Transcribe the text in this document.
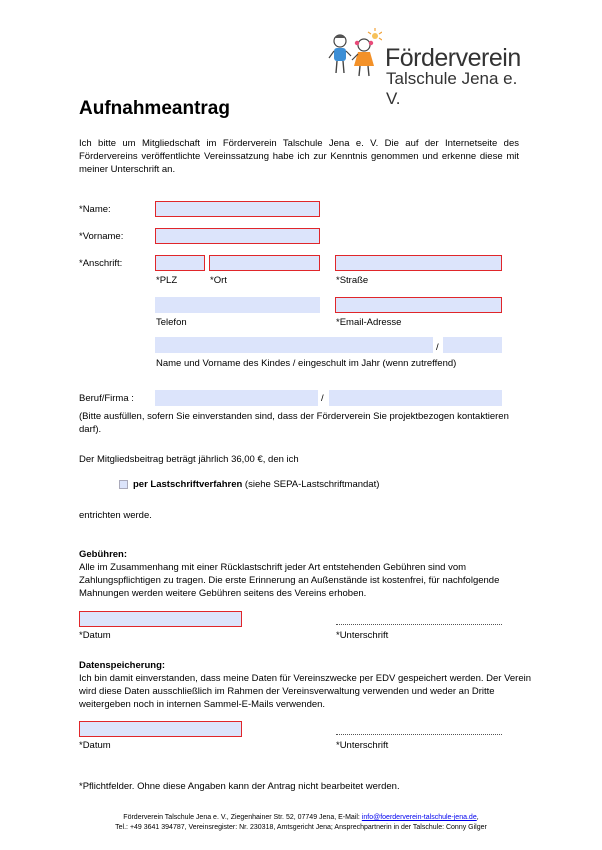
Förderverein
Talschule Jena e. V.
Aufnahmeantrag
Ich bitte um Mitgliedschaft im Förderverein Talschule Jena e. V. Die auf der Internetseite des Fördervereins veröffentlichte Vereinssatzung habe ich zur Kenntnis genommen und erkenne diese mit meiner Unterschrift an.
*Name:
*Vorname:
*Anschrift:
*PLZ	*Ort	*Straße
Telefon	*Email-Adresse
/
Name und Vorname des Kindes / eingeschult im Jahr (wenn zutreffend)
Beruf/Firma :	/
(Bitte ausfüllen, sofern Sie einverstanden sind, dass der Förderverein Sie projektbezogen kontaktieren darf).
Der Mitgliedsbeitrag beträgt jährlich 36,00 €, den ich
per Lastschriftverfahren (siehe SEPA-Lastschriftmandat)
entrichten werde.
Gebühren:
Alle im Zusammenhang mit einer Rücklastschrift jeder Art entstehenden Gebühren sind vom Zahlungspflichtigen zu tragen. Die erste Erinnerung an Außenstände ist kostenfrei, für nachfolgende Mahnungen werden weitere Gebühren seitens des Vereins erhoben.
*Datum	*Unterschrift
Datenspeicherung:
Ich bin damit einverstanden, dass meine Daten für Vereinszwecke per EDV gespeichert werden. Der Verein wird diese Daten ausschließlich im Rahmen der Vereinsverwaltung verwenden und weder an Dritte weitergeben noch in internen Sammel-E-Mails verwenden.
*Datum	*Unterschrift
*Pflichtfelder. Ohne diese Angaben kann der Antrag nicht bearbeitet werden.
Förderverein Talschule Jena e. V., Ziegenhainer Str. 52, 07749 Jena, E-Mail: info@foerderverein-talschule-jena.de,
Tel.: +49 3641 394787, Vereinsregister: Nr. 230318, Amtsgericht Jena; Ansprechpartnerin in der Talschule: Conny Gilger
